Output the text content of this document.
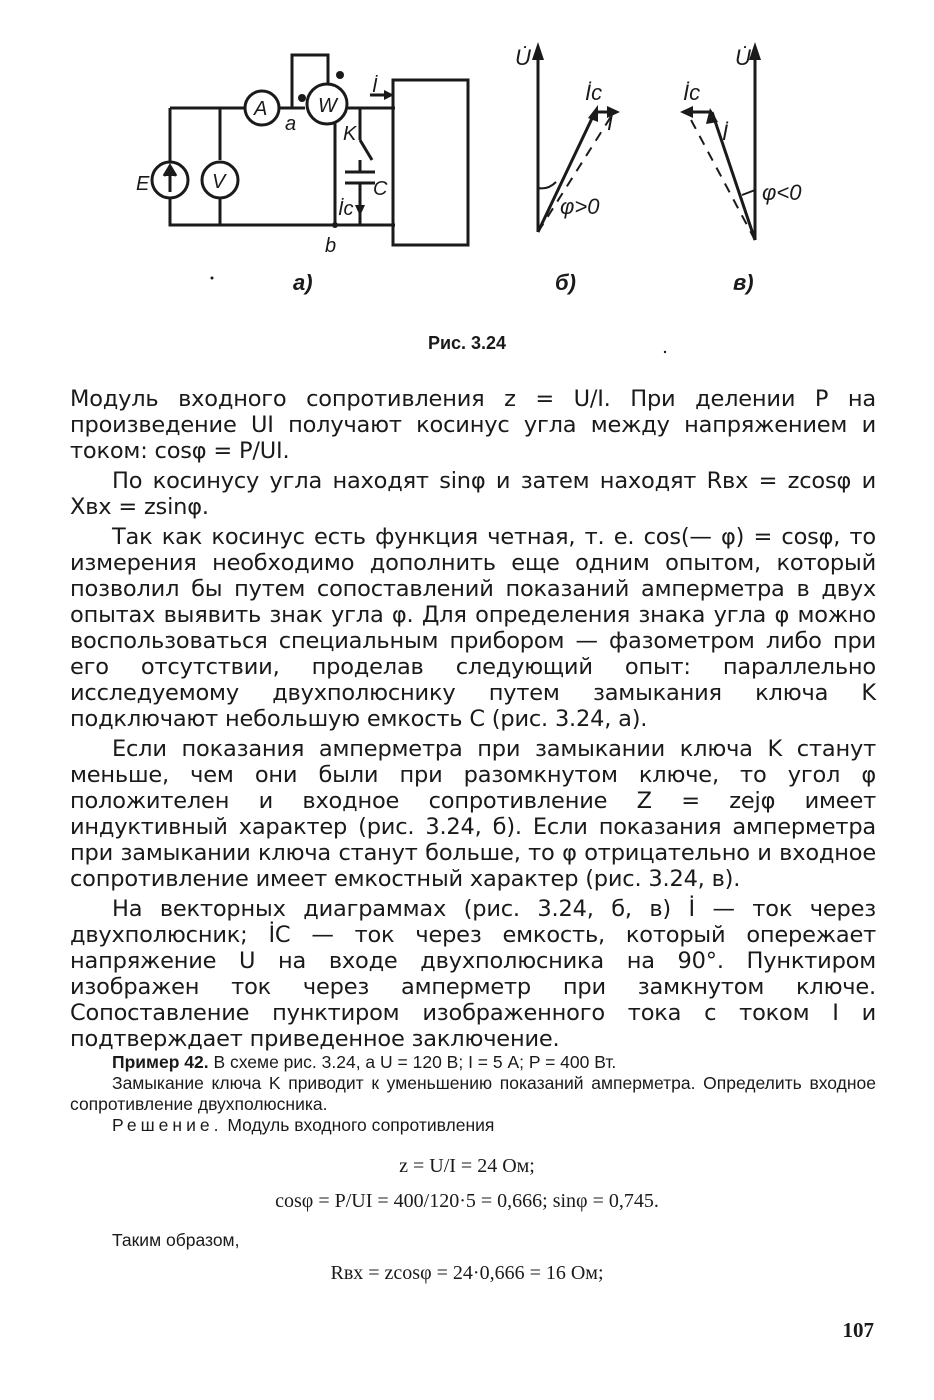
A	W
E	V
a
b
K
C
İ
İc
U̇
İc
İ
φ>0
U̇
İc
İ
φ<0
а)	б)	в)
Рис. 3.24

Модуль входного сопротивления z = U/I. При делении P на произведение UI получают косинус угла между напряжением и током: cosφ = P/UI.

По косинусу угла находят sinφ и затем находят Rвх = zcosφ и Xвх = zsinφ.

Так как косинус есть функция четная, т. е. cos(— φ) = cosφ, то измерения необходимо дополнить еще одним опытом, который позволил бы путем сопоставлений показаний амперметра в двух опытах выявить знак угла φ. Для определения знака угла φ можно воспользоваться специальным прибором — фазометром либо при его отсутствии, проделав следующий опыт: параллельно исследуемому двухполюснику путем замыкания ключа K подключают небольшую емкость C (рис. 3.24, а).

Если показания амперметра при замыкании ключа K станут меньше, чем они были при разомкнутом ключе, то угол φ положителен и входное сопротивление Z = zejφ имеет индуктивный характер (рис. 3.24, б). Если показания амперметра при замыкании ключа станут больше, то φ отрицательно и входное сопротивление имеет емкостный характер (рис. 3.24, в).

На векторных диаграммах (рис. 3.24, б, в) İ — ток через двухполюсник; İC — ток через емкость, который опережает напряжение U на входе двухполюсника на 90°. Пунктиром изображен ток через амперметр при замкнутом ключе. Сопоставление пунктиром изображенного тока с током I и подтверждает приведенное заключение.

Пример 42. В схеме рис. 3.24, a U = 120 В; I = 5 А; P = 400 Вт.

Замыкание ключа K приводит к уменьшению показаний амперметра. Определить входное сопротивление двухполюсника.

Решение. Модуль входного сопротивления

z = U/I = 24 Ом;
cosφ = P/UI = 400/120·5 = 0,666; sinφ = 0,745.
Таким образом,
Rвх = zcosφ = 24·0,666 = 16 Ом;
107
